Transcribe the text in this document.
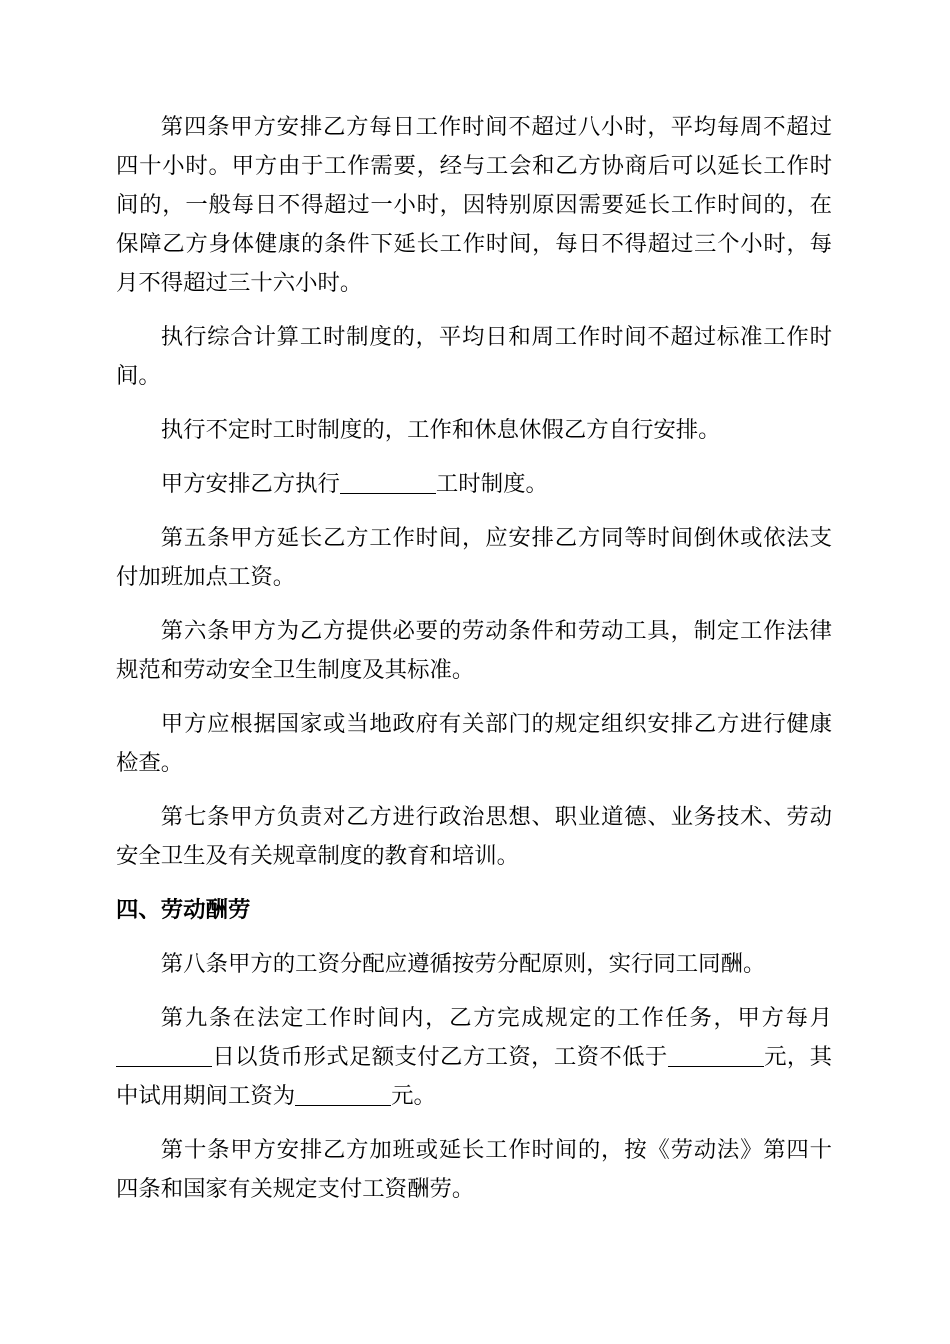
第四条甲方安排乙方每日工作时间不超过八小时，平均每周不超过四十小时。甲方由于工作需要，经与工会和乙方协商后可以延长工作时间的，一般每日不得超过一小时，因特别原因需要延长工作时间的，在保障乙方身体健康的条件下延长工作时间，每日不得超过三个小时，每月不得超过三十六小时。

执行综合计算工时制度的，平均日和周工作时间不超过标准工作时间。

执行不定时工时制度的，工作和休息休假乙方自行安排。

甲方安排乙方执行	工时制度。

第五条甲方延长乙方工作时间，应安排乙方同等时间倒休或依法支付加班加点工资。

第六条甲方为乙方提供必要的劳动条件和劳动工具，制定工作法律规范和劳动安全卫生制度及其标准。

甲方应根据国家或当地政府有关部门的规定组织安排乙方进行健康检查。

第七条甲方负责对乙方进行政治思想、职业道德、业务技术、劳动安全卫生及有关规章制度的教育和培训。

四、劳动酬劳

第八条甲方的工资分配应遵循按劳分配原则，实行同工同酬。

第九条在法定工作时间内，乙方完成规定的工作任务，甲方每月日以货币形式足额支付乙方工资，工资不低于	元，其中试用期间工资为	元。

第十条甲方安排乙方加班或延长工作时间的，按《劳动法》第四十四条和国家有关规定支付工资酬劳。
